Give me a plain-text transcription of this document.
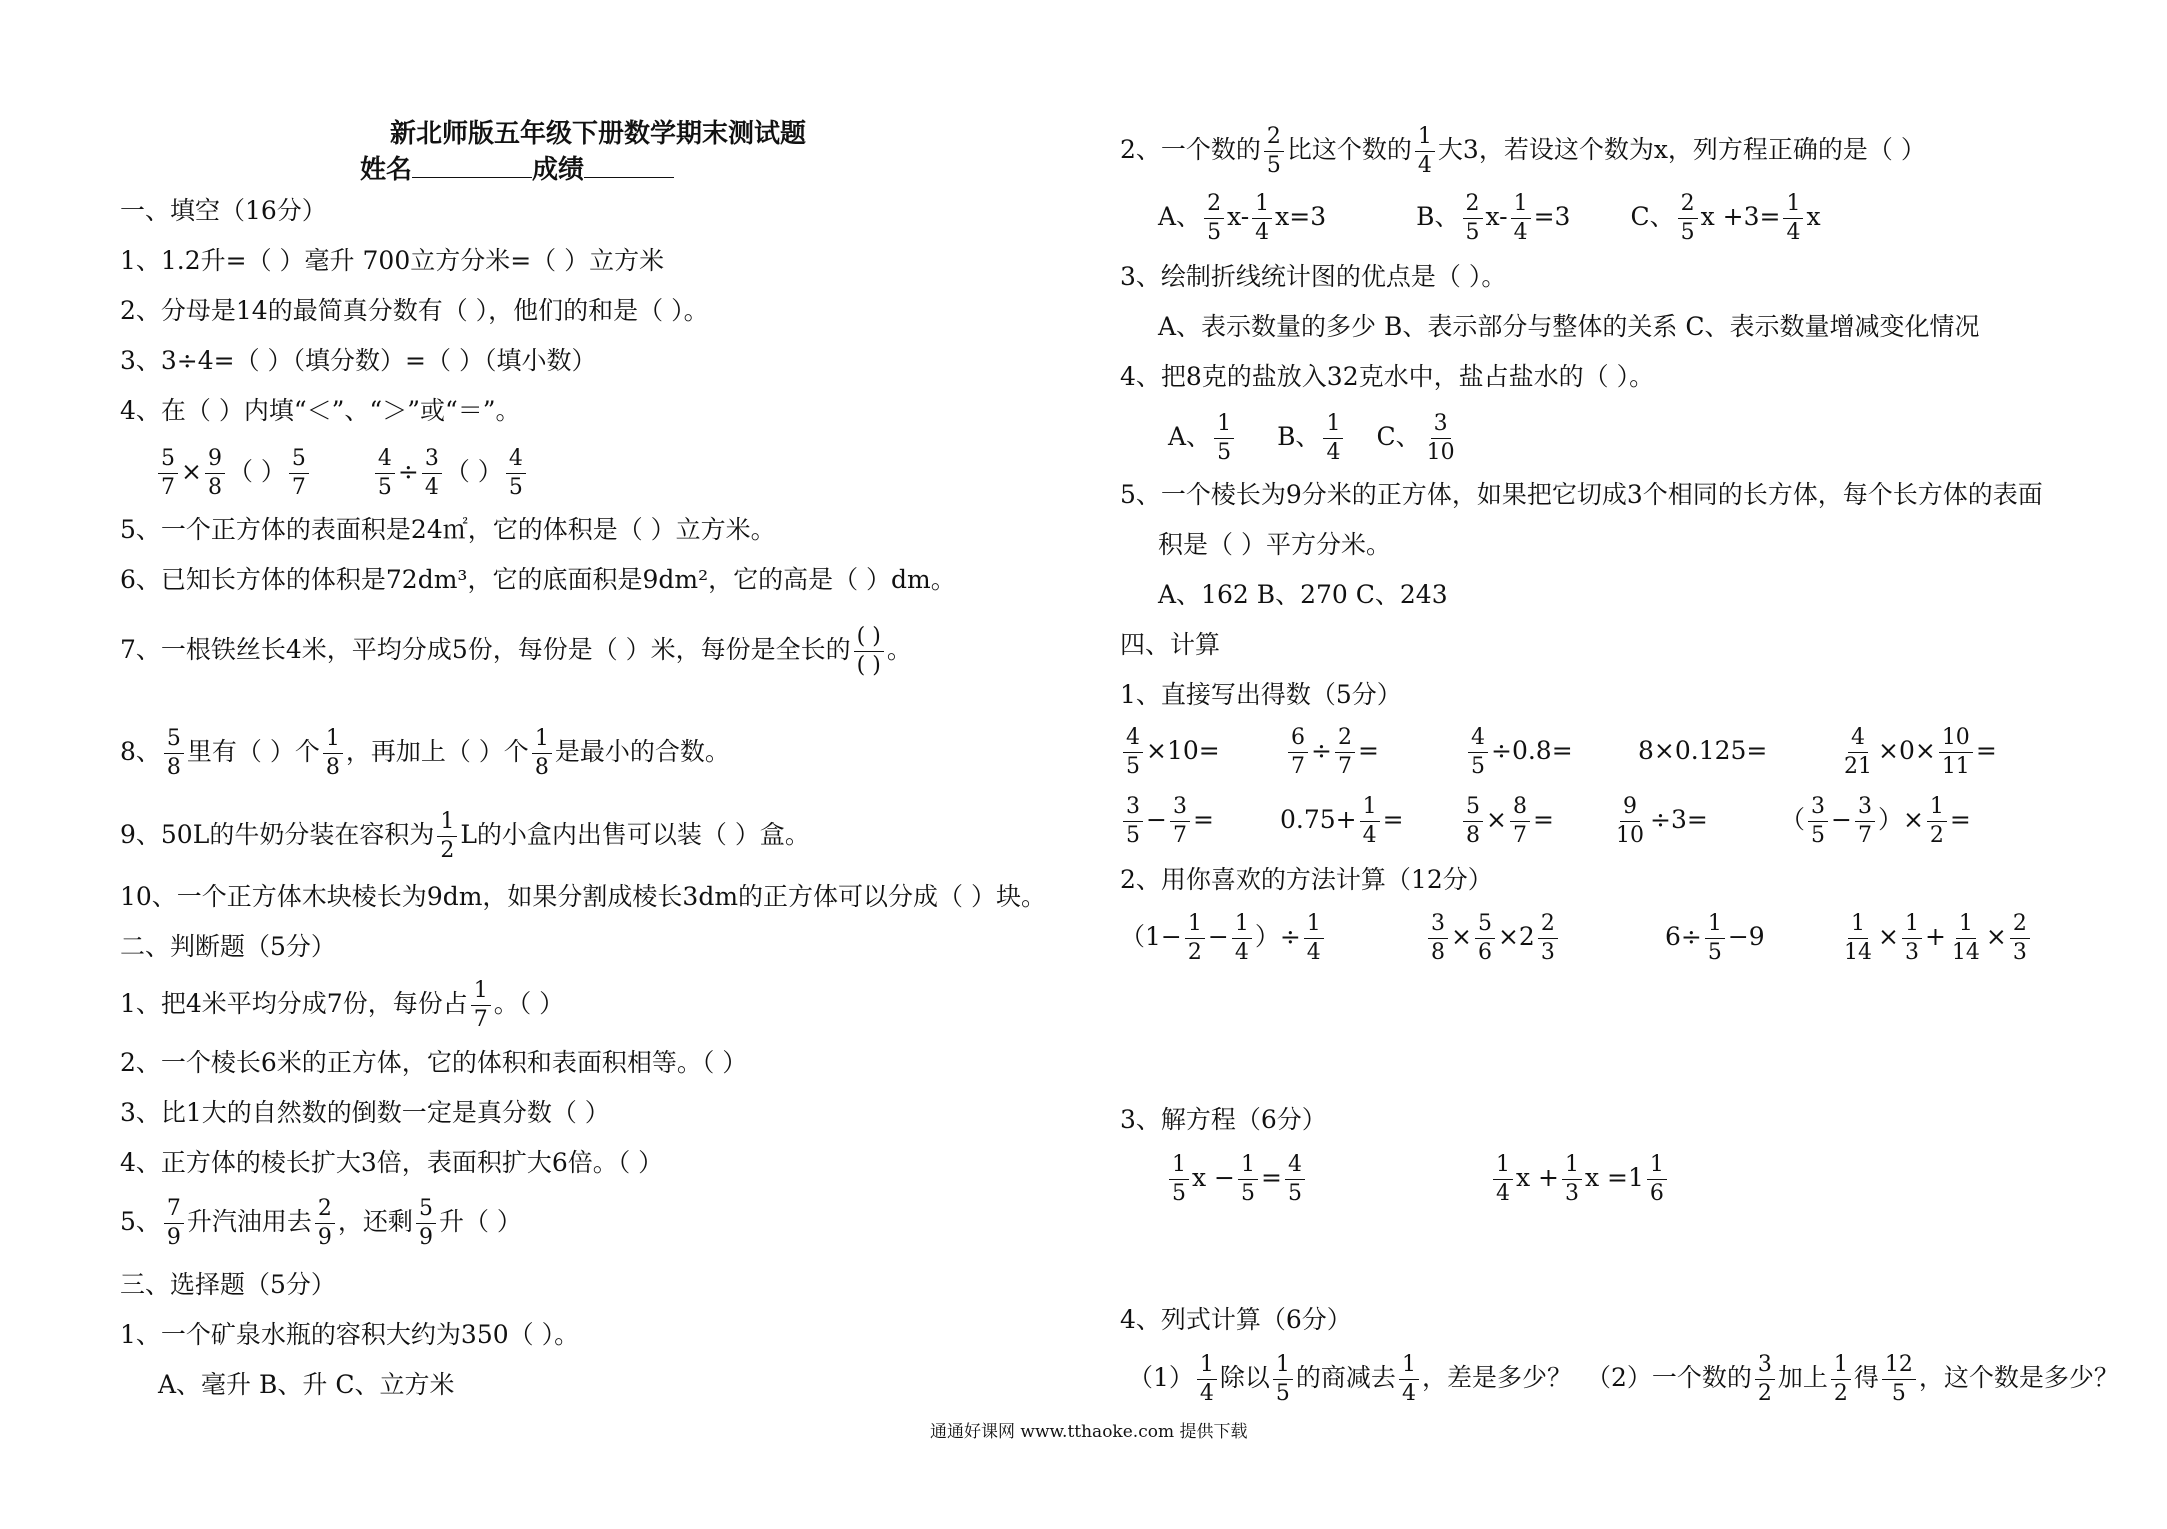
新北师版五年级下册数学期末测试题
姓名	成绩
一、填空（16分）
1、1.2升=（ ）毫升 700立方分米=（ ）立方米
2、分母是14的最简真分数有（ ），他们的和是（ ）。
3、3÷4=（ ）（填分数）=（ ）（填小数）
4、在（ ）内填“＜”、“＞”或“＝”。
$\frac{5}{7} \times \frac{9}{8}$ （ ） $\frac{5}{7}$	$\frac{4}{5} \div \frac{3}{4}$ （ ） $\frac{4}{5}$
5、一个正方体的表面积是24㎡，它的体积是（ ）立方米。
6、已知长方体的体积是72dm³，它的底面积是9dm²，它的高是（ ）dm。
7、一根铁丝长4米，平均分成5份，每份是（ ）米，每份是全长的 ( )
( )
。
8、 $\frac{5}{8}$ 里有（ ）个 $\frac{1}{8}$ ，再加上（ ）个 $\frac{1}{8}$ 是最小的合数。
9、50L的牛奶分装在容积为 $\frac{1}{2}$ L的小盒内出售可以装（ ）盒。
10、一个正方体木块棱长为9dm，如果分割成棱长3dm的正方体可以分成（ ）块。
二、判断题（5分）
1、把4米平均分成7份，每份占 $\frac{1}{7}$ 。（ ）
2、一个棱长6米的正方体，它的体积和表面积相等。（ ）
3、比1大的自然数的倒数一定是真分数（ ）
4、正方体的棱长扩大3倍，表面积扩大6倍。（ ）
5、 $\frac{7}{9}$ 升汽油用去 $\frac{2}{9}$ ，还剩 $\frac{5}{9}$ 升（ ）
三、选择题（5分）
1、一个矿泉水瓶的容积大约为350（ ）。
A、毫升 B、升 C、立方米
2、一个数的 $\frac{2}{5}$ 比这个数的 $\frac{1}{4}$ 大3，若设这个数为x，列方程正确的是（ ）
A、 $\frac{2}{5} x- \frac{1}{4} x=3$	B、 $\frac{2}{5} x- \frac{1}{4} =3$ C、 $\frac{2}{5}$ $x +3= \frac{1}{4}$ x
3、绘制折线统计图的优点是（ ）。
A、表示数量的多少 B、表示部分与整体的关系 C、表示数量增减变化情况
4、把8克的盐放入32克水中，盐占盐水的（ ）。
A、 $\frac{1}{5}$ B、 $\frac{1}{4}$ C、 $\frac{3}{10}$
5、一个棱长为9分米的正方体，如果把它切成3个相同的长方体，每个长方体的表面
积是（ ）平方分米。
A、162 B、270 C、243
四、计算
1、直接写出得数（5分）
$\frac{4}{5} \times 10=$	$\frac{6}{7} \div \frac{2}{7}$ =	$\frac{4}{5} \div 0.8=$	8×0.125=	$\frac{4}{21} \times 0\times \frac{10}{11}$ =
$\frac{3}{5} - \frac{3}{7}$ =	$0.75+ \frac{1}{4}$ =	$\frac{5}{8} \times \frac{8}{7}$ =	$\frac{9}{10} \div 3=$	（ $\frac{3}{5} - \frac{3}{7}$ ）× $\frac{1}{2}$ =
2、用你喜欢的方法计算（12分）
（$1- \frac{1}{2} - \frac{1}{4}$ ）÷ $\frac{1}{4}$	$\frac{3}{8} \times \frac{5}{6} \times 2 \frac{2}{3}$	$6\div \frac{1}{5} -9$	$\frac{1}{14} \times \frac{1}{3} + \frac{1}{14} \times \frac{2}{3}$
3、解方程（6分）
$\frac{1}{5}$ $x - \frac{1}{5} = \frac{4}{5}$	$\frac{1}{4}$ $x + \frac{1}{3}$ $x =1 \frac{1}{6}$
4、列式计算（6分）
$(1) \frac{1}{4}$ 除以 $\frac{1}{5}$ 的商减去 $\frac{1}{4}$ ，差是多少？ （2）一个数的 $\frac{3}{2}$ 加上 $\frac{1}{2}$ 得 $\frac{12}{5}$ ，这个数是多少？
通通好课网 www.tthaoke.com 提供下载
